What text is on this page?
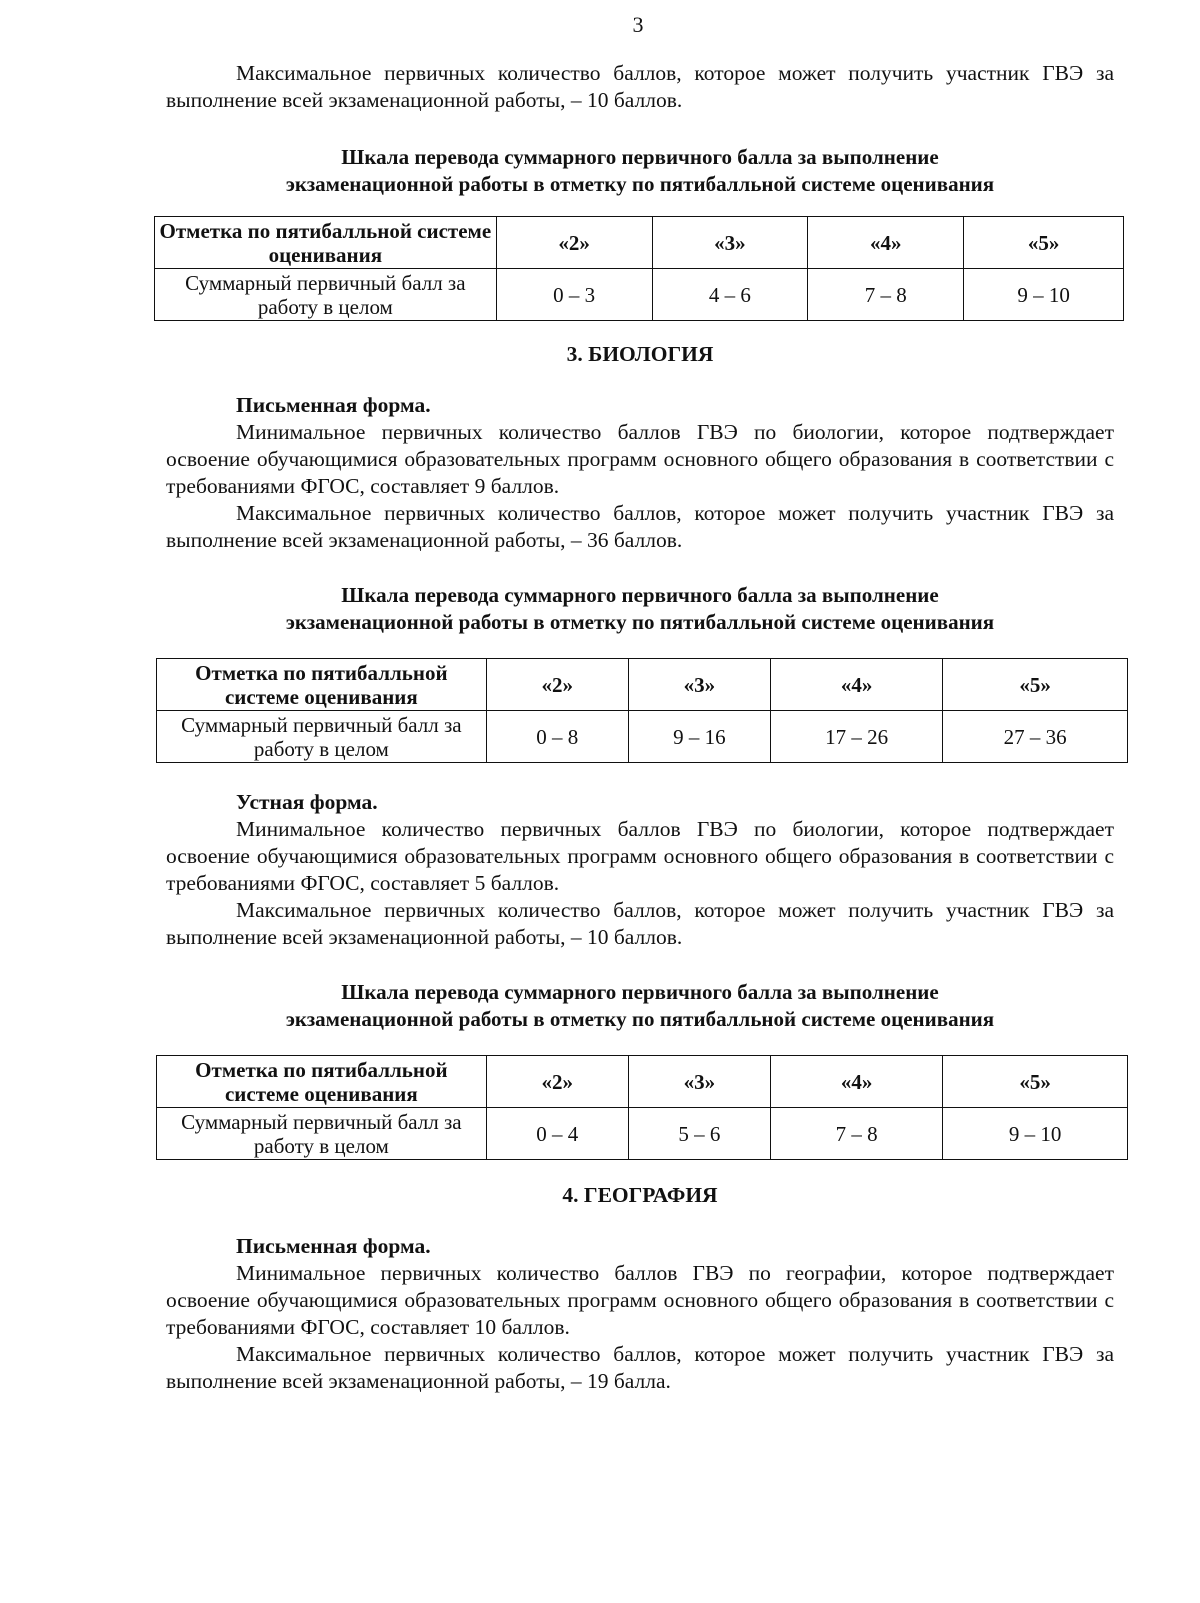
3

Максимальное первичных количество баллов, которое может получить участник ГВЭ за выполнение всей экзаменационной работы, – 10 баллов.

Шкала перевода суммарного первичного балла за выполнение

экзаменационной работы в отметку по пятибалльной системе оценивания

Отметка по пятибалльной системе оценивания	«2»	«3»	«4»	«5»
Суммарный первичный балл за работу в целом	0 – 3	4 – 6	7 – 8	9 – 10

3. БИОЛОГИЯ

Письменная форма.

Минимальное первичных количество баллов ГВЭ по биологии, которое подтверждает освоение обучающимися образовательных программ основного общего образования в соответствии с требованиями ФГОС, составляет 9 баллов.

Максимальное первичных количество баллов, которое может получить участник ГВЭ за выполнение всей экзаменационной работы, – 36 баллов.

Шкала перевода суммарного первичного балла за выполнение

экзаменационной работы в отметку по пятибалльной системе оценивания

Отметка по пятибалльной системе оценивания	«2»	«3»	«4»	«5»
Суммарный первичный балл за работу в целом	0 – 8	9 – 16	17 – 26	27 – 36

Устная форма.

Минимальное количество первичных баллов ГВЭ по биологии, которое подтверждает освоение обучающимися образовательных программ основного общего образования в соответствии с требованиями ФГОС, составляет 5 баллов.

Максимальное первичных количество баллов, которое может получить участник ГВЭ за выполнение всей экзаменационной работы, – 10 баллов.

Шкала перевода суммарного первичного балла за выполнение

экзаменационной работы в отметку по пятибалльной системе оценивания

Отметка по пятибалльной системе оценивания	«2»	«3»	«4»	«5»
Суммарный первичный балл за работу в целом	0 – 4	5 – 6	7 – 8	9 – 10

4. ГЕОГРАФИЯ

Письменная форма.

Минимальное первичных количество баллов ГВЭ по географии, которое подтверждает освоение обучающимися образовательных программ основного общего образования в соответствии с требованиями ФГОС, составляет 10 баллов.

Максимальное первичных количество баллов, которое может получить участник ГВЭ за выполнение всей экзаменационной работы, – 19 балла.
